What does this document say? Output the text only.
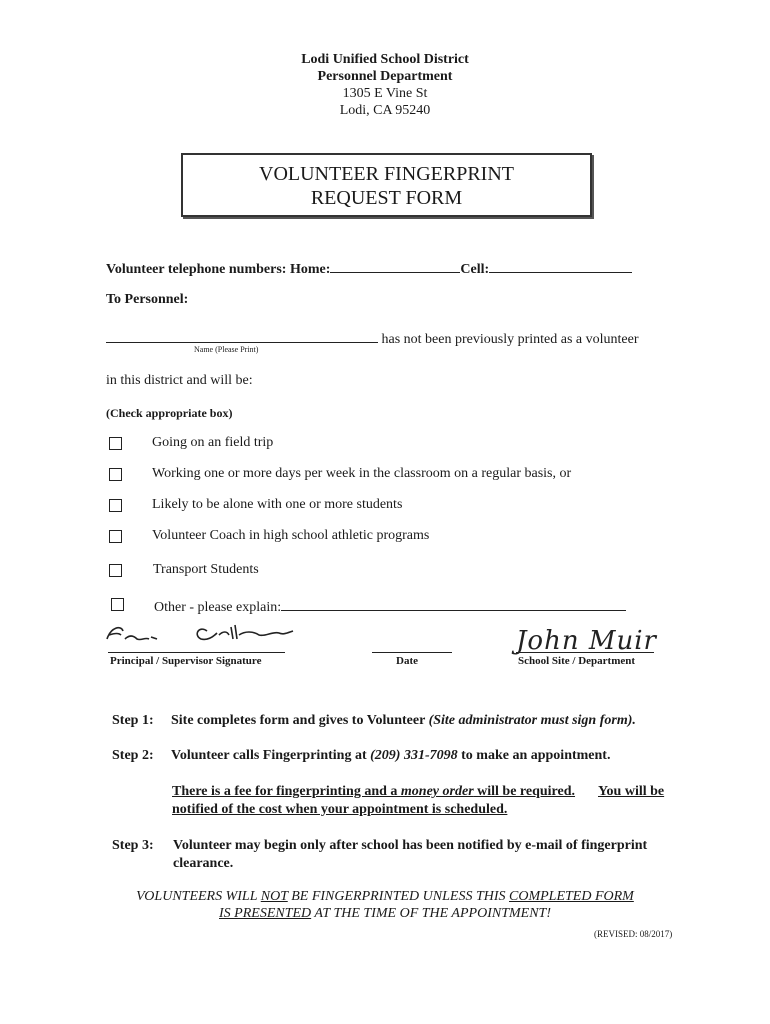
Lodi Unified School District
Personnel Department
1305 E Vine St
Lodi, CA 95240
VOLUNTEER FINGERPRINT
REQUEST FORM
Volunteer telephone numbers: Home:	Cell:
To Personnel:
has not been previously printed as a volunteer
Name (Please Print)
in this district and will be:
(Check appropriate box)
Going on an field trip
Working one or more days per week in the classroom on a regular basis, or
Likely to be alone with one or more students
Volunteer Coach in high school athletic programs
Transport Students
Other - please explain:
John Muir
Principal / Supervisor Signature	Date	School Site / Department
Step 1: Site completes form and gives to Volunteer (Site administrator must sign form).
Step 2: Volunteer calls Fingerprinting at (209) 331-7098 to make an appointment.
There is a fee for fingerprinting and a money order will be required. You will be
notified of the cost when your appointment is scheduled.
Step 3: Volunteer may begin only after school has been notified by e-mail of fingerprint
clearance.
VOLUNTEERS WILL NOT BE FINGERPRINTED UNLESS THIS COMPLETED FORM
IS PRESENTED AT THE TIME OF THE APPOINTMENT!
(REVISED: 08/2017)
